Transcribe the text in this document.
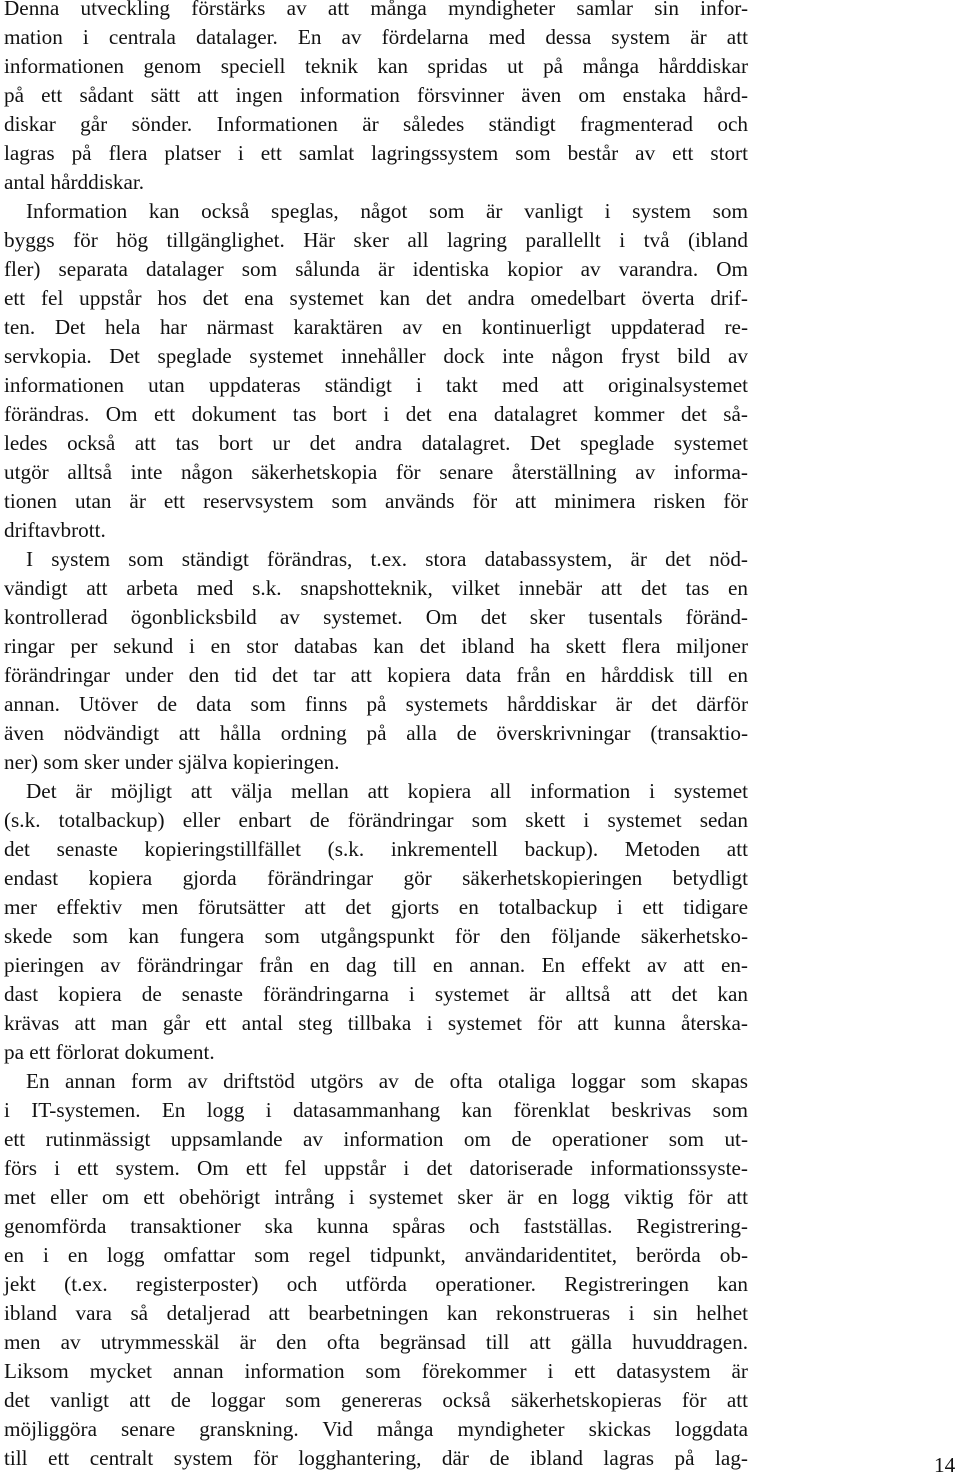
Denna utveckling förstärks av att många myndigheter samlar sin infor-
mation i centrala datalager. En av fördelarna med dessa system är att
informationen genom speciell teknik kan spridas ut på många hårddiskar
på ett sådant sätt att ingen information försvinner även om enstaka hård-
diskar går sönder. Informationen är således ständigt fragmenterad och
lagras på flera platser i ett samlat lagringssystem som består av ett stort
antal hårddiskar.

Information kan också speglas, något som är vanligt i system som
byggs för hög tillgänglighet. Här sker all lagring parallellt i två (ibland
fler) separata datalager som sålunda är identiska kopior av varandra. Om
ett fel uppstår hos det ena systemet kan det andra omedelbart överta drif-
ten. Det hela har närmast karaktären av en kontinuerligt uppdaterad re-
servkopia. Det speglade systemet innehåller dock inte någon fryst bild av
informationen utan uppdateras ständigt i takt med att originalsystemet
förändras. Om ett dokument tas bort i det ena datalagret kommer det så-
ledes också att tas bort ur det andra datalagret. Det speglade systemet
utgör alltså inte någon säkerhetskopia för senare återställning av informa-
tionen utan är ett reservsystem som används för att minimera risken för
driftavbrott.

I system som ständigt förändras, t.ex. stora databassystem, är det nöd-
vändigt att arbeta med s.k. snapshotteknik, vilket innebär att det tas en
kontrollerad ögonblicksbild av systemet. Om det sker tusentals föränd-
ringar per sekund i en stor databas kan det ibland ha skett flera miljoner
förändringar under den tid det tar att kopiera data från en hårddisk till en
annan. Utöver de data som finns på systemets hårddiskar är det därför
även nödvändigt att hålla ordning på alla de överskrivningar (transaktio-
ner) som sker under själva kopieringen.

Det är möjligt att välja mellan att kopiera all information i systemet
(s.k. totalbackup) eller enbart de förändringar som skett i systemet sedan
det senaste kopieringstillfället (s.k. inkrementell backup). Metoden att
endast kopiera gjorda förändringar gör säkerhetskopieringen betydligt
mer effektiv men förutsätter att det gjorts en totalbackup i ett tidigare
skede som kan fungera som utgångspunkt för den följande säkerhetsko-
pieringen av förändringar från en dag till en annan. En effekt av att en-
dast kopiera de senaste förändringarna i systemet är alltså att det kan
krävas att man går ett antal steg tillbaka i systemet för att kunna återska-
pa ett förlorat dokument.

En annan form av driftstöd utgörs av de ofta otaliga loggar som skapas
i IT-systemen. En logg i datasammanhang kan förenklat beskrivas som
ett rutinmässigt uppsamlande av information om de operationer som ut-
förs i ett system. Om ett fel uppstår i det datoriserade informationssyste-
met eller om ett obehörigt intrång i systemet sker är en logg viktig för att
genomförda transaktioner ska kunna spåras och fastställas. Registrering-
en i en logg omfattar som regel tidpunkt, användaridentitet, berörda ob-
jekt (t.ex. registerposter) och utförda operationer. Registreringen kan
ibland vara så detaljerad att bearbetningen kan rekonstrueras i sin helhet
men av utrymmesskäl är den ofta begränsad till att gälla huvuddragen.
Liksom mycket annan information som förekommer i ett datasystem är
det vanligt att de loggar som genereras också säkerhetskopieras för att
möjliggöra senare granskning. Vid många myndigheter skickas loggdata
till ett centralt system för logghantering, där de ibland lagras på lag-	14
